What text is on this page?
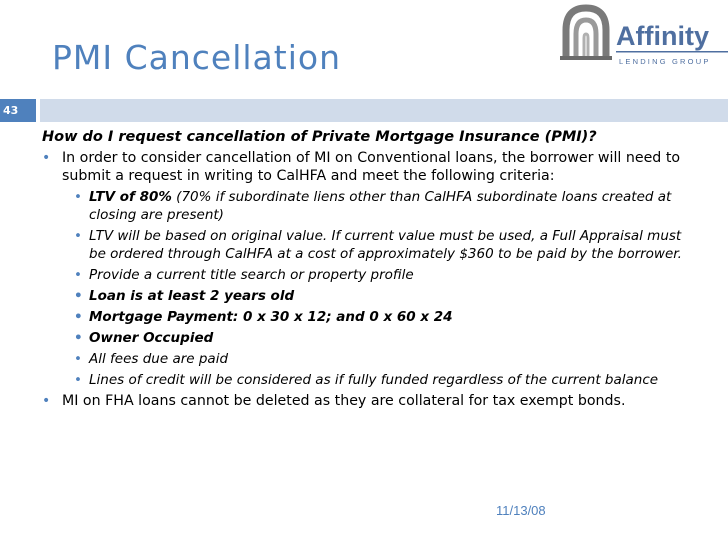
PMI Cancellation
Affinity
LENDING GROUP
43
How do I request cancellation of Private Mortgage Insurance (PMI)?
• In order to consider cancellation of MI on Conventional loans, the borrower will need to submit a request in writing to CalHFA and meet the following criteria:
• LTV of 80% (70% if subordinate liens other than CalHFA subordinate loans created at closing are present)
• LTV will be based on original value. If current value must be used, a Full Appraisal must be ordered through CalHFA at a cost of approximately $360 to be paid by the borrower.
• Provide a current title search or property profile
• Loan is at least 2 years old
• Mortgage Payment: 0 x 30 x 12; and 0 x 60 x 24
• Owner Occupied
• All fees due are paid
• Lines of credit will be considered as if fully funded regardless of the current balance
• MI on FHA loans cannot be deleted as they are collateral for tax exempt bonds.
11/13/08
